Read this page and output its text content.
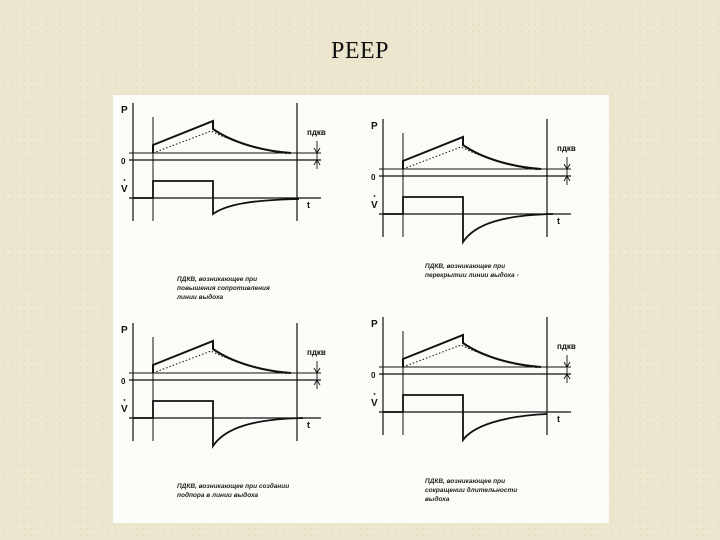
PEEP
P
0
V
t
пдкв
ПДКВ, возникающее при
повышения сопротивления
линии выдоха
P
0
V
t
пдкв
ПДКВ, возникающее при
перекрытии линии выдоха -
P
0
V
t
пдкв
ПДКВ, возникающее при создании
подпора в линии выдоха
P
0
V
t
пдкв
ПДКВ, возникающее при
сокращении длительности
выдоха
